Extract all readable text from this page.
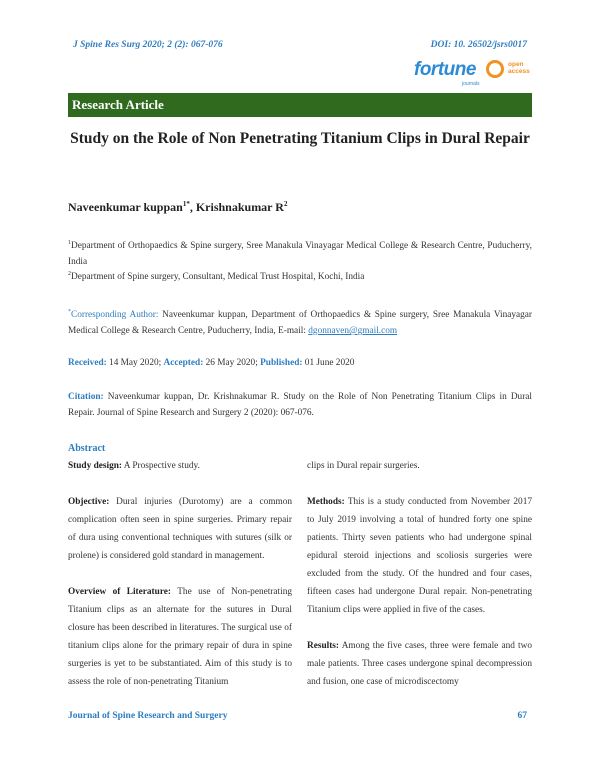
J Spine Res Surg 2020; 2 (2): 067-076	DOI: 10. 26502/jsrs0017
fortune
journals
open
access
Research Article
Study on the Role of Non Penetrating Titanium Clips in Dural Repair
Naveenkumar kuppan$^{1*}$, Krishnakumar $R^2$
$^1$Department of Orthopaedics & Spine surgery, Sree Manakula Vinayagar Medical College & Research Centre, Puducherry, India
$^2$Department of Spine surgery, Consultant, Medical Trust Hospital, Kochi, India
*Corresponding Author: Naveenkumar kuppan, Department of Orthopaedics & Spine surgery, Sree Manakula Vinayagar Medical College & Research Centre, Puducherry, India, E-mail: dgonnaven@gmail.com
Received: 14 May 2020; Accepted: 26 May 2020; Published: 01 June 2020
Citation: Naveenkumar kuppan, Dr. Krishnakumar R. Study on the Role of Non Penetrating Titanium Clips in Dural Repair. Journal of Spine Research and Surgery 2 (2020): 067-076.
Abstract

Study design: A Prospective study.

Objective: Dural injuries (Durotomy) are a common complication often seen in spine surgeries. Primary repair of dura using conventional techniques with sutures (silk or prolene) is considered gold standard in management.

Overview of Literature: The use of Non-penetrating Titanium clips as an alternate for the sutures in Dural closure has been described in literatures. The surgical use of titanium clips alone for the primary repair of dura in spine surgeries is yet to be substantiated. Aim of this study is to assess the role of non-penetrating Titanium

clips in Dural repair surgeries.

Methods: This is a study conducted from November 2017 to July 2019 involving a total of hundred forty one spine patients. Thirty seven patients who had undergone spinal epidural steroid injections and scoliosis surgeries were excluded from the study. Of the hundred and four cases, fifteen cases had undergone Dural repair. Non-penetrating Titanium clips were applied in five of the cases.

Results: Among the five cases, three were female and two male patients. Three cases undergone spinal decompression and fusion, one case of microdiscectomy

Journal of Spine Research and Surgery	67
